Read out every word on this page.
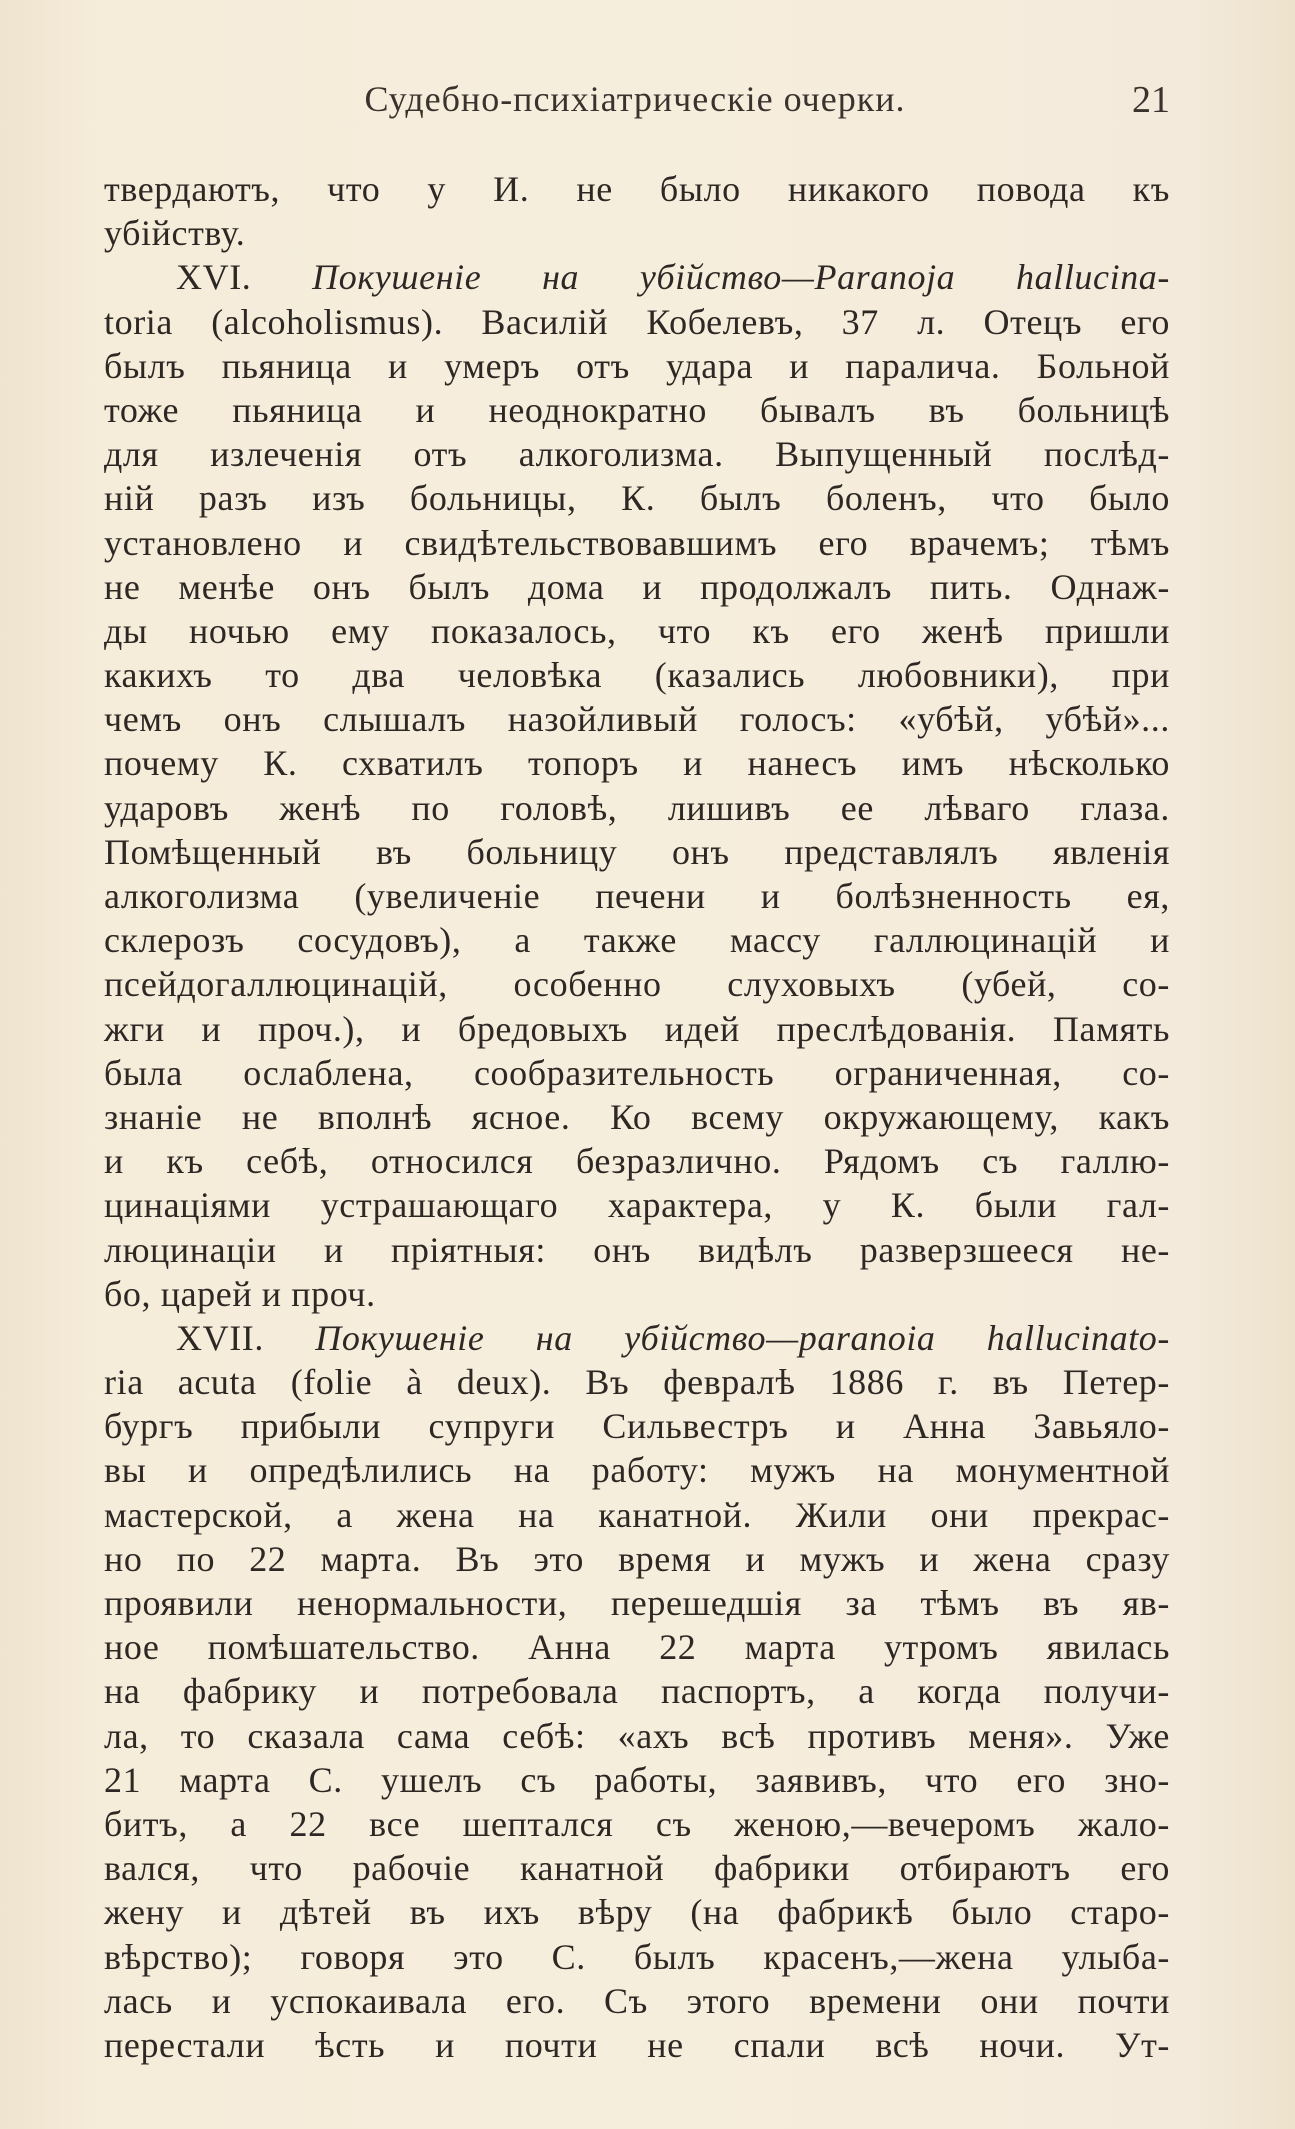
Судебно-психіатрическіе очерки.	21
твердаютъ, что у И. не было никакого повода къ
убійству.
XVI. Покушеніе на убійство—Paranoja hallucina-
toria (alcoholismus). Василій Кобелевъ, 37 л. Отецъ его
былъ пьяница и умеръ отъ удара и паралича. Больной
тоже пьяница и неоднократно бывалъ въ больницѣ
для излеченія отъ алкоголизма. Выпущенный послѣд-
ній разъ изъ больницы, К. былъ боленъ, что было
установлено и свидѣтельствовавшимъ его врачемъ; тѣмъ
не менѣе онъ былъ дома и продолжалъ пить. Однаж-
ды ночью ему показалось, что къ его женѣ пришли
какихъ то два человѣка (казались любовники), при
чемъ онъ слышалъ назойливый голосъ: «убѣй, убѣй»...
почему К. схватилъ топоръ и нанесъ имъ нѣсколько
ударовъ женѣ по головѣ, лишивъ ее лѣваго глаза.
Помѣщенный въ больницу онъ представлялъ явленія
алкоголизма (увеличеніе печени и болѣзненность ея,
склерозъ сосудовъ), а также массу галлюцинацій и
псейдогаллюцинацій, особенно слуховыхъ (убей, со-
жги и проч.), и бредовыхъ идей преслѣдованія. Память
была ослаблена, сообразительность ограниченная, со-
знаніе не вполнѣ ясное. Ко всему окружающему, какъ
и къ себѣ, относился безразлично. Рядомъ съ галлю-
цинаціями устрашающаго характера, у К. были гал-
люцинаціи и пріятныя: онъ видѣлъ разверзшееся не-
бо, царей и проч.
XVII. Покушеніе на убійство—paranoia hallucinato-
ria acuta (folie à deux). Въ февралѣ 1886 г. въ Петер-
бургъ прибыли супруги Сильвестръ и Анна Завьяло-
вы и опредѣлились на работу: мужъ на монументной
мастерской, а жена на канатной. Жили они прекрас-
но по 22 марта. Въ это время и мужъ и жена сразу
проявили ненормальности, перешедшія за тѣмъ въ яв-
ное помѣшательство. Анна 22 марта утромъ явилась
на фабрику и потребовала паспортъ, а когда получи-
ла, то сказала сама себѣ: «ахъ всѣ противъ меня». Уже
21 марта С. ушелъ съ работы, заявивъ, что его зно-
битъ, а 22 все шептался съ женою,—вечеромъ жало-
вался, что рабочіе канатной фабрики отбираютъ его
жену и дѣтей въ ихъ вѣру (на фабрикѣ было старо-
вѣрство); говоря это С. былъ красенъ,—жена улыба-
лась и успокаивала его. Съ этого времени они почти
перестали ѣсть и почти не спали всѣ ночи. Ут-
